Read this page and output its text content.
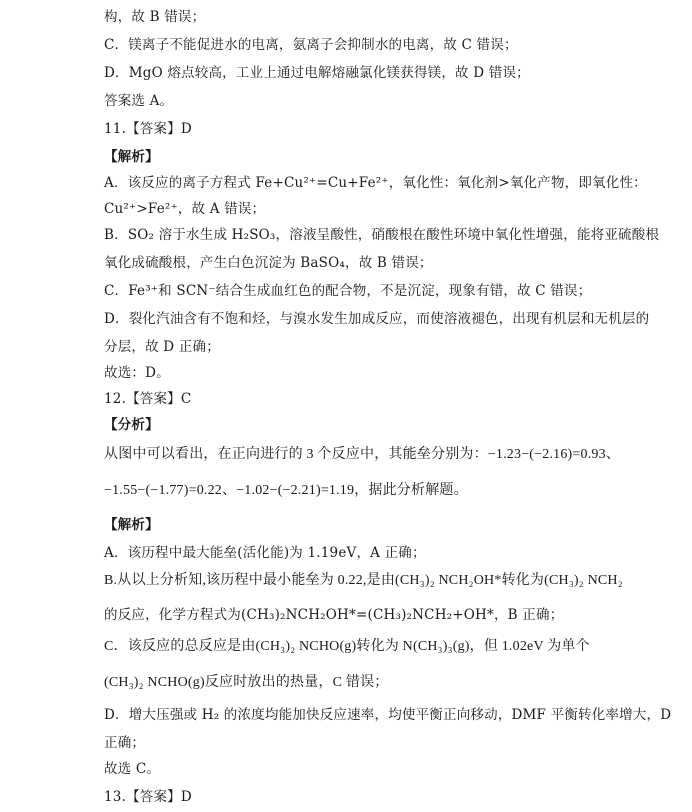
构，故 B 错误；
C．镁离子不能促进水的电离，氨离子会抑制水的电离，故 C 错误；
D．MgO 熔点较高，工业上通过电解熔融氯化镁获得镁，故 D 错误；
答案选 A。
11.【答案】D
【解析】
A．该反应的离子方程式 Fe+Cu²⁺=Cu+Fe²⁺，氧化性：氧化剂>氧化产物，即氧化性：
Cu²⁺>Fe²⁺，故 A 错误；
B．SO₂ 溶于水生成 H₂SO₃，溶液呈酸性，硝酸根在酸性环境中氧化性增强，能将亚硫酸根
氧化成硫酸根，产生白色沉淀为 BaSO₄，故 B 错误；
C．Fe³⁺和 SCN⁻结合生成血红色的配合物，不是沉淀，现象有错，故 C 错误；
D．裂化汽油含有不饱和烃，与溴水发生加成反应，而使溶液褪色，出现有机层和无机层的
分层，故 D 正确；
故选：D。
12.【答案】C
【分析】
从图中可以看出，在正向进行的 3 个反应中，其能垒分别为：−1.23−(−2.16)=0.93、
−1.55−(−1.77)=0.22、−1.02−(−2.21)=1.19，据此分析解题。
【解析】
A．该历程中最大能垒(活化能)为 1.19eV，A 正确；
B.从以上分析知,该历程中最小能垒为 0.22,是由(CH₃)₂ NCH₂OH*转化为(CH₃)₂ NCH₂
的反应，化学方程式为(CH₃)₂NCH₂OH*=(CH₃)₂NCH₂+OH*，B 正确；
C．该反应的总反应是由(CH₃)₂ NCHO(g)转化为 N(CH₃)₃(g)，但 1.02eV 为单个
(CH₃)₂ NCHO(g)反应时放出的热量，C 错误；
D．增大压强或 H₂ 的浓度均能加快反应速率，均使平衡正向移动，DMF 平衡转化率增大，D
正确；
故选 C。
13.【答案】D
